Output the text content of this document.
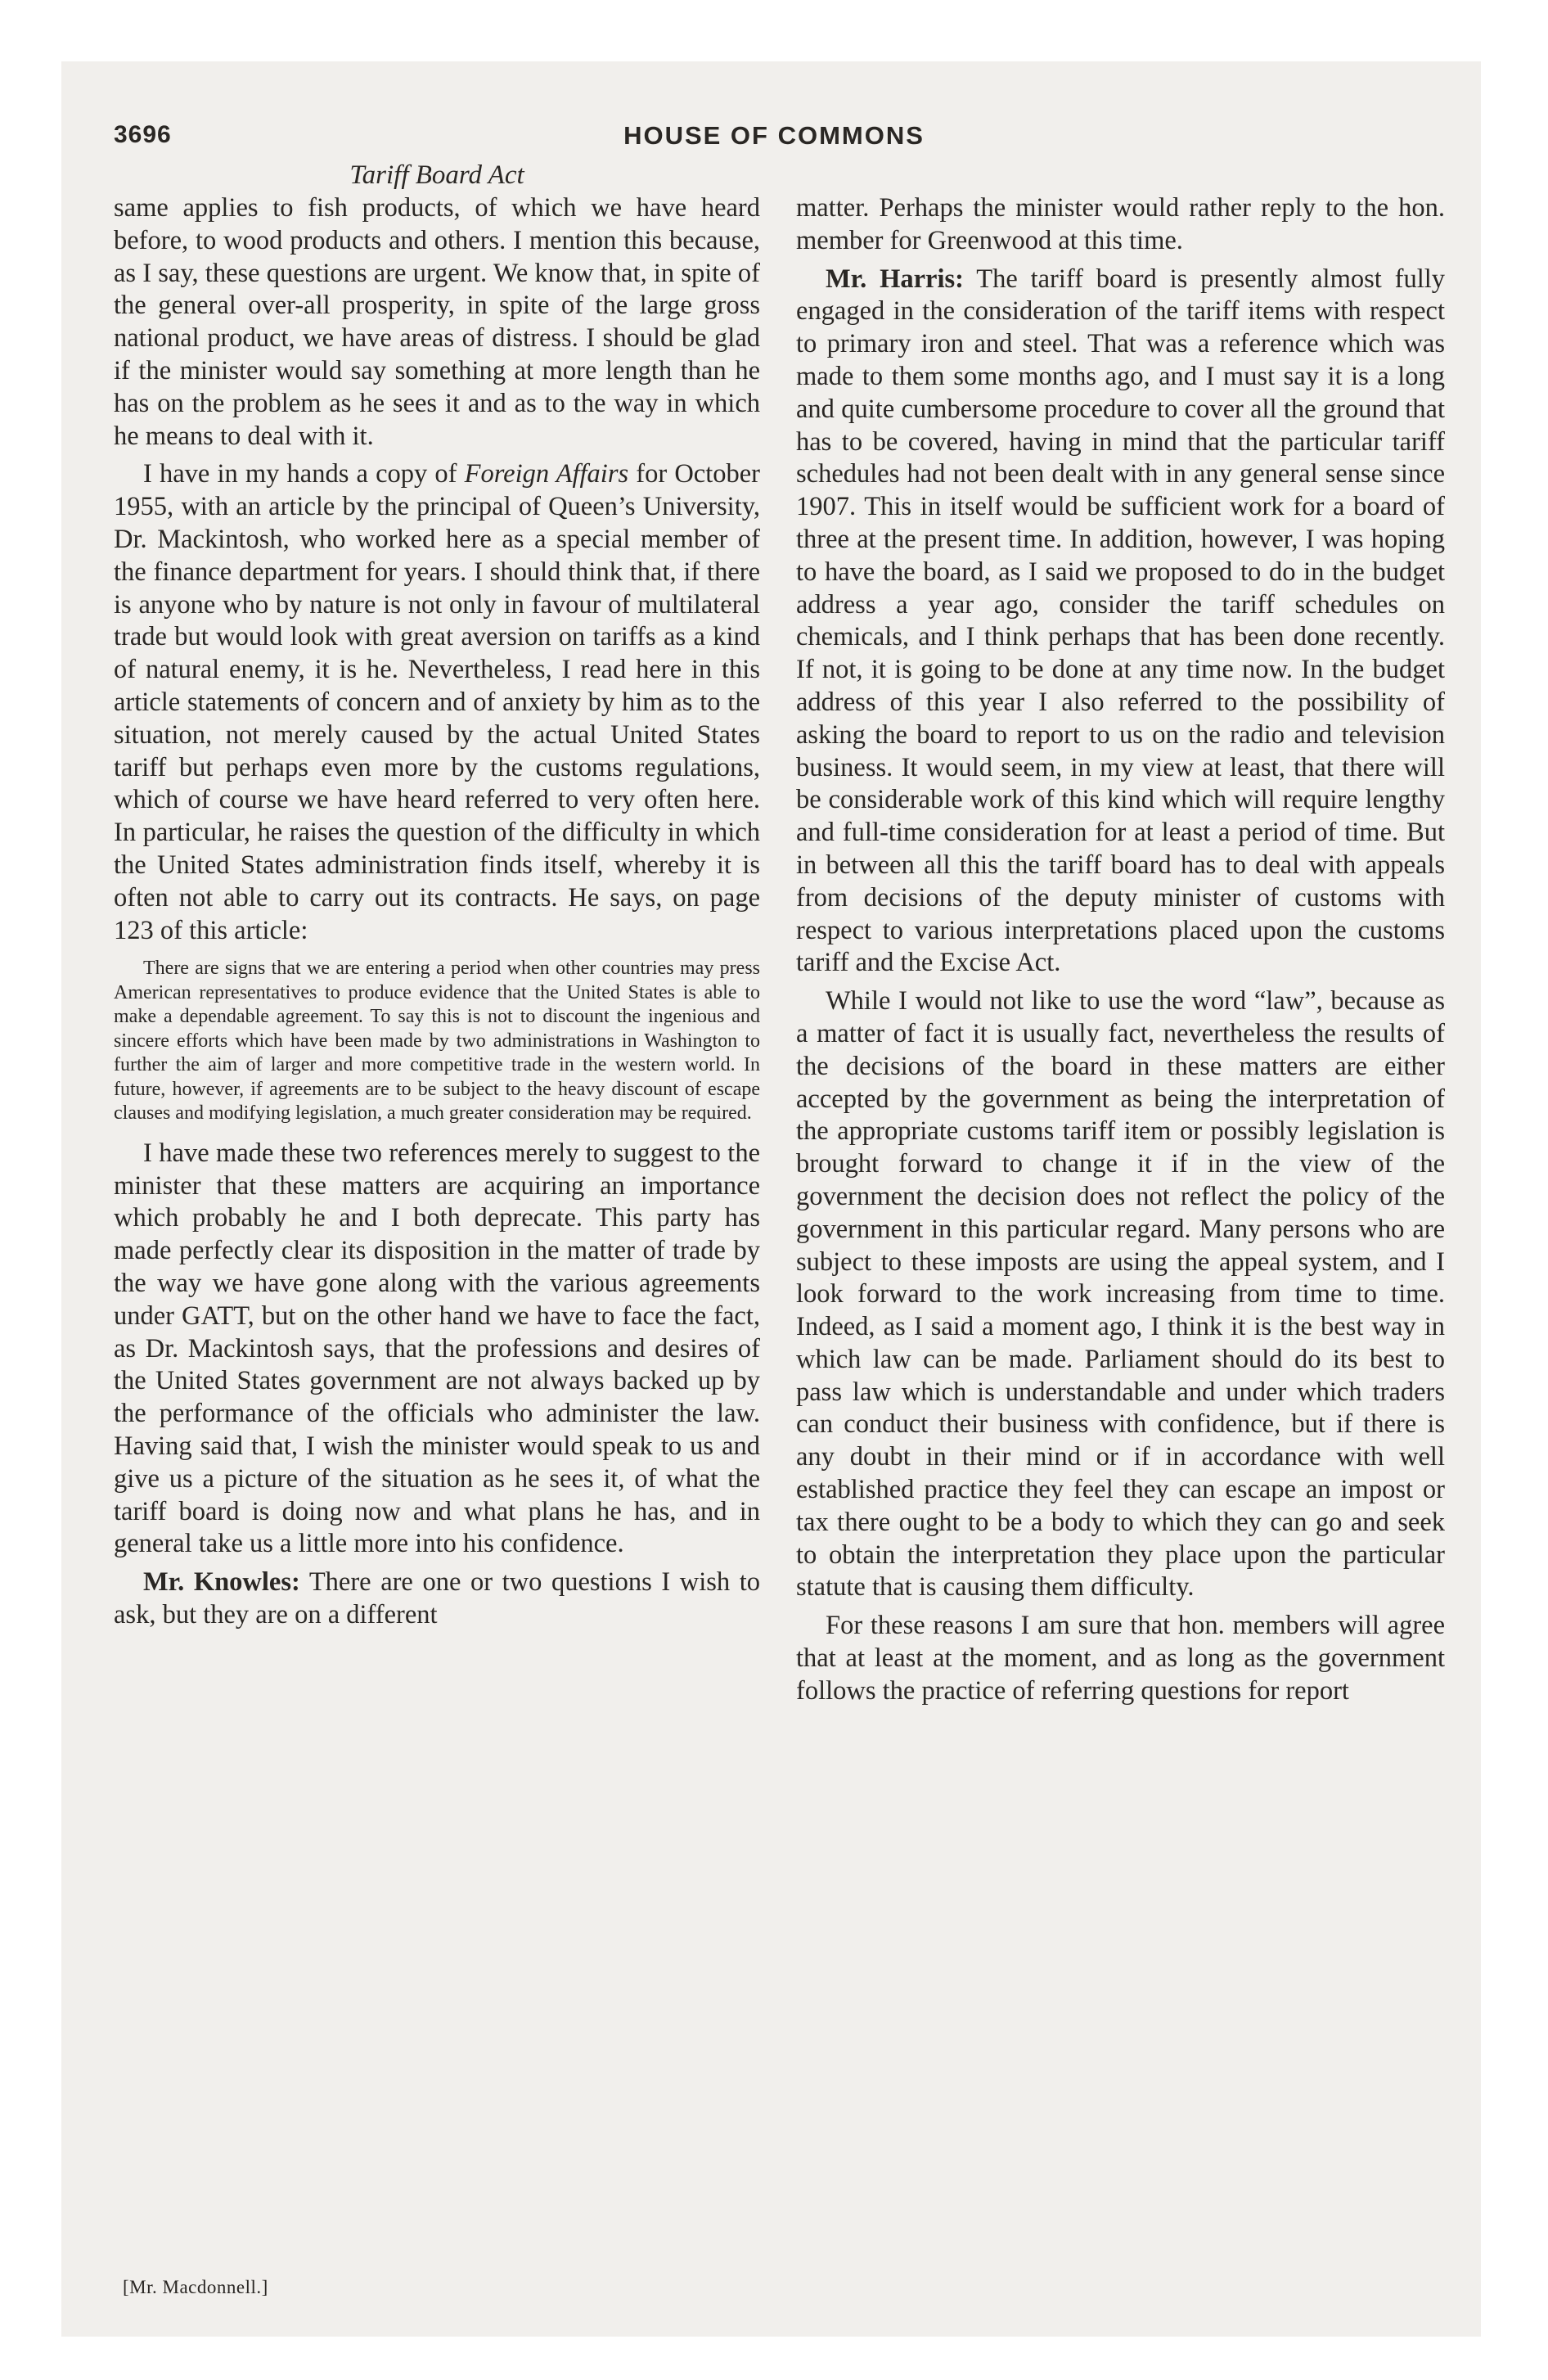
3696	HOUSE OF COMMONS
Tariff Board Act

same applies to fish products, of which we have heard before, to wood products and others. I mention this because, as I say, these questions are urgent. We know that, in spite of the general over-all prosperity, in spite of the large gross national product, we have areas of distress. I should be glad if the minister would say something at more length than he has on the problem as he sees it and as to the way in which he means to deal with it.

I have in my hands a copy of Foreign Affairs for October 1955, with an article by the principal of Queen’s University, Dr. Mackintosh, who worked here as a special member of the finance department for years. I should think that, if there is anyone who by nature is not only in favour of multilateral trade but would look with great aversion on tariffs as a kind of natural enemy, it is he. Nevertheless, I read here in this article statements of concern and of anxiety by him as to the situation, not merely caused by the actual United States tariff but perhaps even more by the customs regulations, which of course we have heard referred to very often here. In particular, he raises the question of the difficulty in which the United States administration finds itself, whereby it is often not able to carry out its contracts. He says, on page 123 of this article:

There are signs that we are entering a period when other countries may press American representatives to produce evidence that the United States is able to make a dependable agreement. To say this is not to discount the ingenious and sincere efforts which have been made by two administrations in Washington to further the aim of larger and more competitive trade in the western world. In future, however, if agreements are to be subject to the heavy discount of escape clauses and modifying legislation, a much greater consideration may be required.

I have made these two references merely to suggest to the minister that these matters are acquiring an importance which probably he and I both deprecate. This party has made perfectly clear its disposition in the matter of trade by the way we have gone along with the various agreements under GATT, but on the other hand we have to face the fact, as Dr. Mackintosh says, that the professions and desires of the United States government are not always backed up by the performance of the officials who administer the law. Having said that, I wish the minister would speak to us and give us a picture of the situation as he sees it, of what the tariff board is doing now and what plans he has, and in general take us a little more into his confidence.

Mr. Knowles: There are one or two questions I wish to ask, but they are on a different

matter. Perhaps the minister would rather reply to the hon. member for Greenwood at this time.

Mr. Harris: The tariff board is presently almost fully engaged in the consideration of the tariff items with respect to primary iron and steel. That was a reference which was made to them some months ago, and I must say it is a long and quite cumbersome procedure to cover all the ground that has to be covered, having in mind that the particular tariff schedules had not been dealt with in any general sense since 1907. This in itself would be sufficient work for a board of three at the present time. In addition, however, I was hoping to have the board, as I said we proposed to do in the budget address a year ago, consider the tariff schedules on chemicals, and I think perhaps that has been done recently. If not, it is going to be done at any time now. In the budget address of this year I also referred to the possibility of asking the board to report to us on the radio and television business. It would seem, in my view at least, that there will be considerable work of this kind which will require lengthy and full-time consideration for at least a period of time. But in between all this the tariff board has to deal with appeals from decisions of the deputy minister of customs with respect to various interpretations placed upon the customs tariff and the Excise Act.

While I would not like to use the word “law”, because as a matter of fact it is usually fact, nevertheless the results of the decisions of the board in these matters are either accepted by the government as being the interpretation of the appropriate customs tariff item or possibly legislation is brought forward to change it if in the view of the government the decision does not reflect the policy of the government in this particular regard. Many persons who are subject to these imposts are using the appeal system, and I look forward to the work increasing from time to time. Indeed, as I said a moment ago, I think it is the best way in which law can be made. Parliament should do its best to pass law which is understandable and under which traders can conduct their business with confidence, but if there is any doubt in their mind or if in accordance with well established practice they feel they can escape an impost or tax there ought to be a body to which they can go and seek to obtain the interpretation they place upon the particular statute that is causing them difficulty.

For these reasons I am sure that hon. members will agree that at least at the moment, and as long as the government follows the practice of referring questions for report

[Mr. Macdonnell.]
